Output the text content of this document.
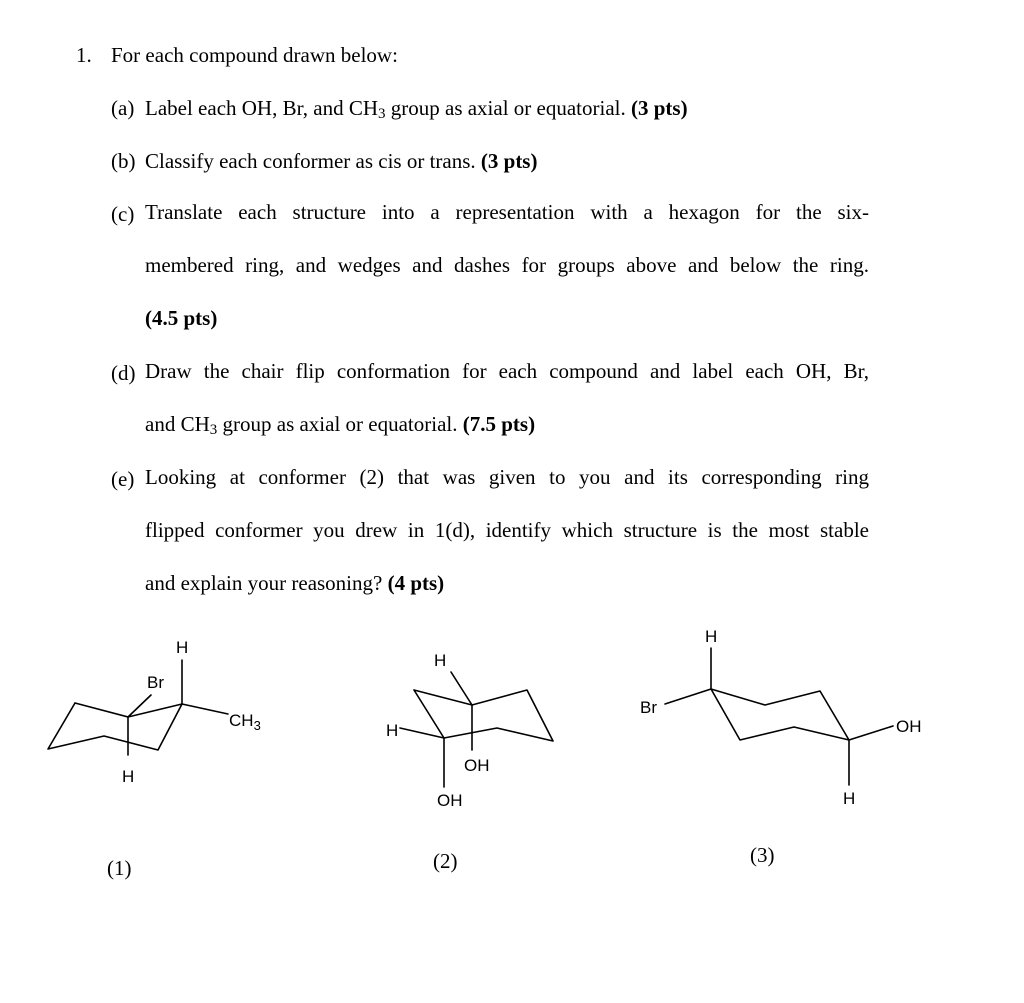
1. For each compound drawn below:
(a) Label each OH, Br, and $CH_3$ group as axial or equatorial. (3 pts)
(b) Classify each conformer as cis or trans. (3 pts)
(c) Translate each structure into a representation with a hexagon for the six-
membered ring, and wedges and dashes for groups above and below the ring.
(4.5 pts)
(d) Draw the chair flip conformation for each compound and label each OH, Br,
and $CH_3$ group as axial or equatorial. (7.5 pts)
(e) Looking at conformer (2) that was given to you and its corresponding ring
flipped conformer you drew in 1(d), identify which structure is the most stable
and explain your reasoning? (4 pts)
Br
H
$CH_3$
H
H
H
OH
OH
H
Br
OH
H
(1)	(2)	(3)
